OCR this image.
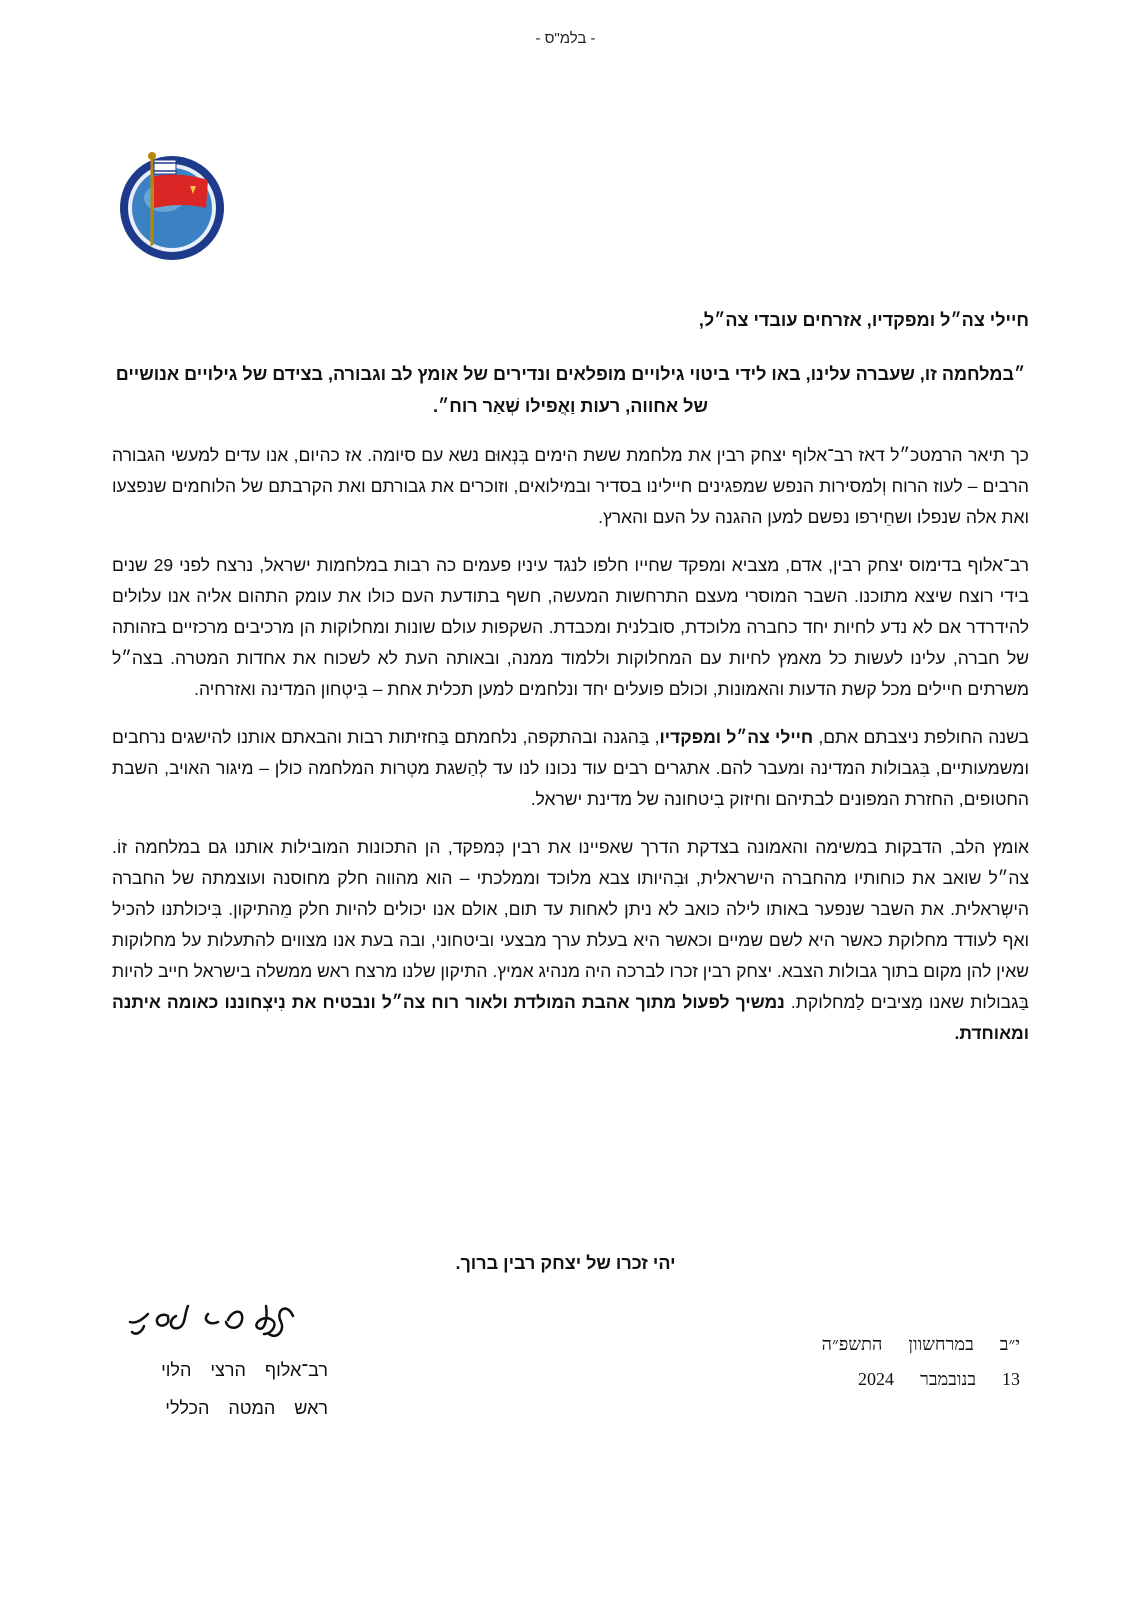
- בלמ"ס -

חיילי צה״ל ומפקדיו, אזרחים עובדי צה״ל,

״במלחמה זו, שעברה עלינו, באו לידי ביטוי גילויים מופלאים ונדירים של אומץ לב וגבורה, בצידם של גילויים אנושיים של אחווה, רעות וַאֲפילו שְׁאַר רוח״.

כך תיאר הרמטכ״ל דאז רב־אלוף יצחק רבין את מלחמת ששת הימים בְּנְאוּם נשא עם סיומה. אז כהיום, אנו עדים למעשי הגבורה הרבים – לעוז הרוח וְלמסירות הנפש שמפגינים חיילינו בסדיר ובמילואים, וזוכרים את גבורתם ואת הקרבתם של הלוחמים שנפצעו ואת אלה שנפלו ושחֵירפו נפשם למען ההגנה על העם והארץ.

רב־אלוף בדימוס יצחק רבין, אדם, מצביא ומפקד שחייו חלפו לנגד עיניו פעמים כה רבות במלחמות ישראל, נרצח לפני 29 שנים בידי רוצח שיצא מתוכנו. השבר המוסרי מעצם התרחשות המעשה, חשף בתודעת העם כולו את עומק התהום אליה אנו עלולים להידרדר אם לא נדע לחיות יחד כחברה מלוכדת, סובלנית ומכבדת. השקפות עולם שונות ומחלוקות הן מרכיבים מרכזיים בזהותה של חברה, עלינו לעשות כל מאמץ לחיות עם המחלוקות וללמוד ממנה, ובאותה העת לא לשכוח את אחדות המטרה. בצה״ל משרתים חיילים מכל קשת הדעות והאמונות, וכולם פועלים יחד ונלחמים למען תכלית אחת – בִּיטְחון המדינה ואזרחיה.

בשנה החולפת ניצבתם אתם, חיילי צה״ל ומפקדיו, בַּהגנה ובהתקפה, נלחמתם בַּחזיתות רבות והבאתם אותנו להישגים נרחבים ומשמעותיים, בִּגבולות המדינה ומעבר להם. אתגרים רבים עוד נכונו לנו עד לְהַשגת מטְרות המלחמה כולן – מיגור האויב, השבת החטופים, החזרת המפונים לבתיהם וחיזוק בִיטחונה של מדינת ישראל.

אומץ הלב, הדבקות במשימה והאמונה בצדקת הדרך שאפיינו את רבין כְּמפקד, הן התכונות המובילות אותנו גם במלחמה זוֹ. צה״ל שואב את כוחותיו מהחברה הישראלית, וּבִהיותו צבא מלוכד וממלכתי – הוא מהווה חלק מחוסנה ועוצמתה של החברה הישְראלית. את השבר שנפער באותו לילה כואב לא ניתן לאחות עד תום, אולם אנו יכולים להיות חלק מֵהתיקון. בִּיכולתנו להכיל ואף לעודד מחלוקת כאשר היא לשם שמיים וכאשר היא בעלת ערך מבצעי וביטחוני, ובה בעת אנו מצווים להתעלות על מחלוקות שאין להן מקום בתוך גבולות הצבא. יצחק רבין זכרו לברכה היה מנהיג אמיץ. התיקון שלנו מרצח ראש ממשלה בישראל חייב להיות בַּגבולות שאנו מַציבים לַמחלוקת. נמשיך לפעול מתוך אהבת המולדת ולאור רוח צה״ל ונבטיח את נִיצְחוננו כאומה איתנה ומאוחדת.

יהי זכרו של יצחק רבין ברוך.
רב־אלוף הרצי הלוי
ראש המטה הכללי
י״ב
במרחשוון
התשפ״ה
13
בנובמבר
2024
